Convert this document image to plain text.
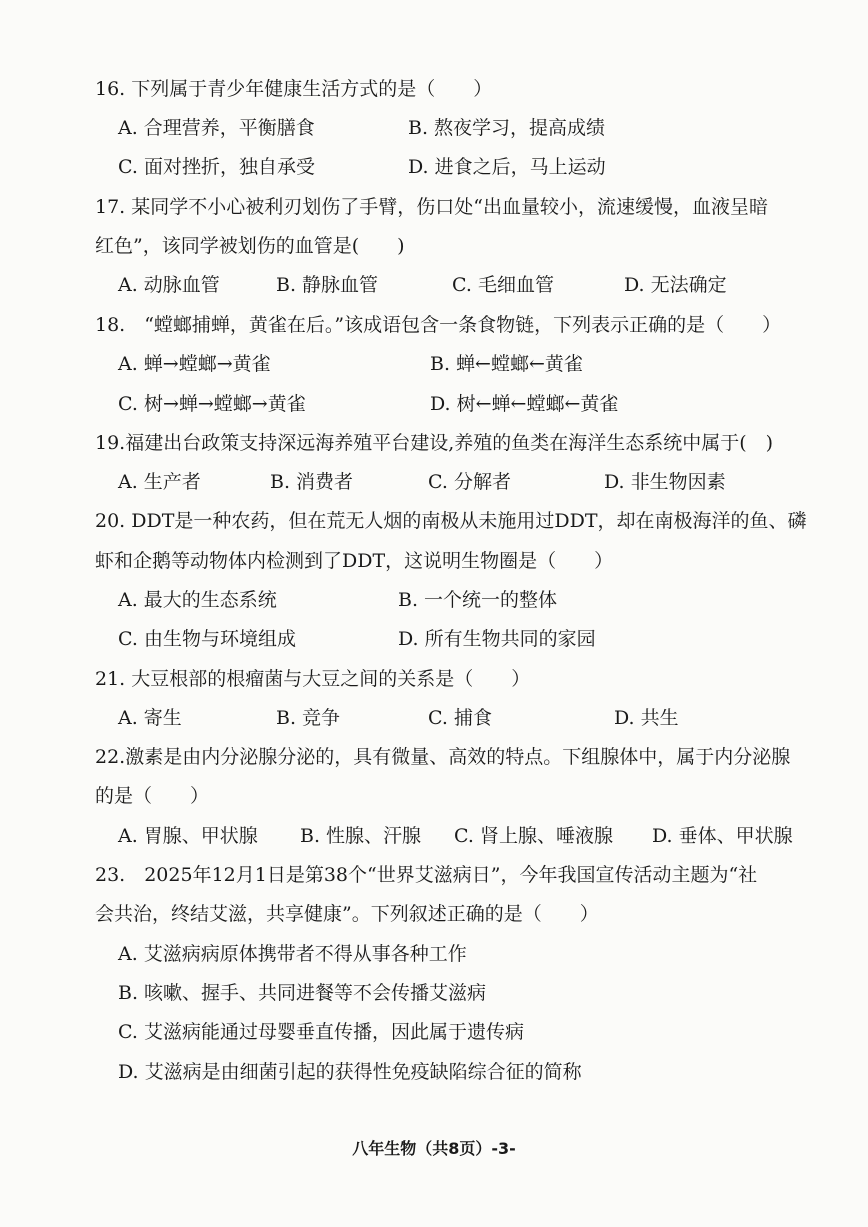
16. 下列属于青少年健康生活方式的是（　　）
A. 合理营养，平衡膳食	B. 熬夜学习，提高成绩
C. 面对挫折，独自承受	D. 进食之后，马上运动
17. 某同学不小心被利刃划伤了手臂，伤口处“出血量较小，流速缓慢，血液呈暗
红色”，该同学被划伤的血管是(　　)
A. 动脉血管	B. 静脉血管	C. 毛细血管	D. 无法确定
18.　“螳螂捕蝉，黄雀在后。”该成语包含一条食物链，下列表示正确的是（　　）
A. 蝉→螳螂→黄雀	B. 蝉←螳螂←黄雀
C. 树→蝉→螳螂→黄雀	D. 树←蝉←螳螂←黄雀
19.福建出台政策支持深远海养殖平台建设,养殖的鱼类在海洋生态系统中属于(　)
A. 生产者	B. 消费者	C. 分解者	D. 非生物因素
20. DDT是一种农药，但在荒无人烟的南极从未施用过DDT，却在南极海洋的鱼、磷
虾和企鹅等动物体内检测到了DDT，这说明生物圈是（　　）
A. 最大的生态系统	B. 一个统一的整体
C. 由生物与环境组成	D. 所有生物共同的家园
21. 大豆根部的根瘤菌与大豆之间的关系是（　　）
A. 寄生	B. 竞争	C. 捕食	D. 共生
22.激素是由内分泌腺分泌的，具有微量、高效的特点。下组腺体中，属于内分泌腺
的是（　　）
A. 胃腺、甲状腺 B. 性腺、汗腺 C. 肾上腺、唾液腺 D. 垂体、甲状腺
23.　2025年12月1日是第38个“世界艾滋病日”，今年我国宣传活动主题为“社
会共治，终结艾滋，共享健康”。下列叙述正确的是（　　）
A. 艾滋病病原体携带者不得从事各种工作
B. 咳嗽、握手、共同进餐等不会传播艾滋病
C. 艾滋病能通过母婴垂直传播，因此属于遗传病
D. 艾滋病是由细菌引起的获得性免疫缺陷综合征的简称
八年生物（共8页）-3-
